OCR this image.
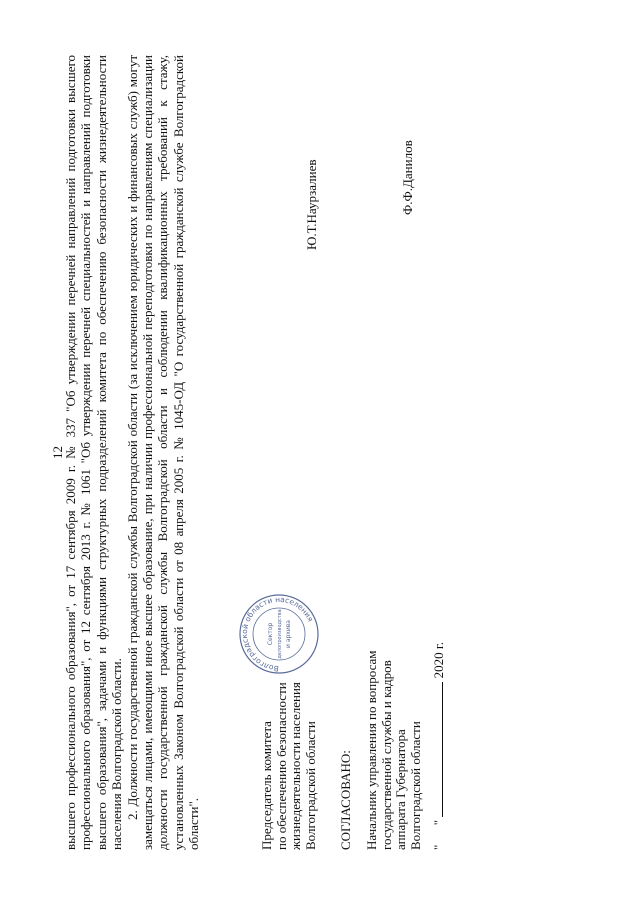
12

высшего профессионального образования", от 17 сентября 2009 г. № 337 "Об утверждении перечней направлений подготовки высшего профессионального образования", от 12 сентября 2013 г. № 1061 "Об утверждении перечней специальностей и направлений подготовки высшего образования", задачами и функциями структурных подразделений комитета по обеспечению безопасности жизнедеятельности населения Волгоградской области. 2. Должности государственной гражданской службы Волгоградской области (за исключением юридических и финансовых служб) могут замещаться лицами, имеющими иное высшее образование, при наличии профессиональной переподготовки по направлениям специализации должности государственной гражданской службы Волгоградской области и соблюдении квалификационных требований к стажу, установленных Законом Волгоградской области от 08 апреля 2005 г. № 1045-ОД "О государственной гражданской службе Волгоградской области".	Председатель комитета по обеспечению безопасности жизнедеятельности населения Волгоградской области
Ю.Т.Наурзалиев
Волгоградской области населения
Сектор делопроизводства и архива
СОГЛАСОВАНО: Начальник управления по вопросам государственной службы и кадров аппарата Губернатора Волгоградской области
Ф.Ф.Данилов
"      "  2020 г.
